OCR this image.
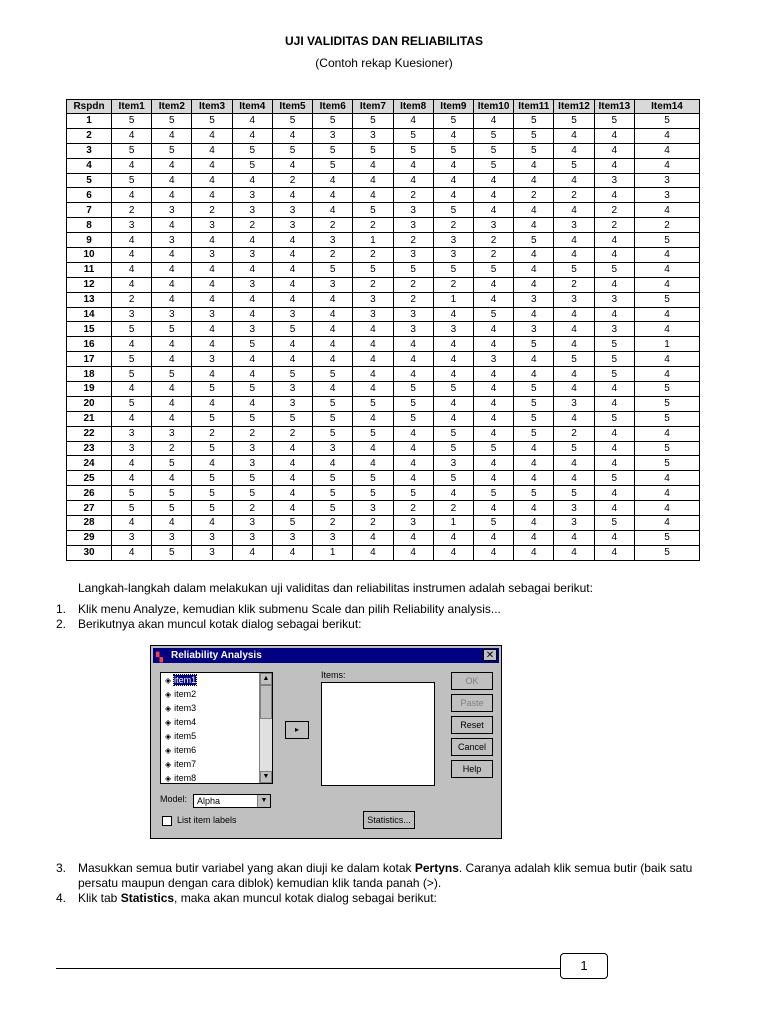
UJI VALIDITAS DAN RELIABILITAS
(Contoh rekap Kuesioner)
Rspdn	Item1	Item2	Item3	Item4	Item5	Item6	Item7	Item8	Item9	Item10	Item11	Item12	Item13	Item14
1	5	5	5	4	5	5	5	4	5	4	5	5	5	5
2	4	4	4	4	4	3	3	5	4	5	5	4	4	4
3	5	5	4	5	5	5	5	5	5	5	5	4	4	4
4	4	4	4	5	4	5	4	4	4	5	4	5	4	4
5	5	4	4	4	2	4	4	4	4	4	4	4	3	3
6	4	4	4	3	4	4	4	2	4	4	2	2	4	3
7	2	3	2	3	3	4	5	3	5	4	4	4	2	4
8	3	4	3	2	3	2	2	3	2	3	4	3	2	2
9	4	3	4	4	4	3	1	2	3	2	5	4	4	5
10	4	4	3	3	4	2	2	3	3	2	4	4	4	4
11	4	4	4	4	4	5	5	5	5	5	4	5	5	4
12	4	4	4	3	4	3	2	2	2	4	4	2	4	4
13	2	4	4	4	4	4	3	2	1	4	3	3	3	5
14	3	3	3	4	3	4	3	3	4	5	4	4	4	4
15	5	5	4	3	5	4	4	3	3	4	3	4	3	4
16	4	4	4	5	4	4	4	4	4	4	5	4	5	1
17	5	4	3	4	4	4	4	4	4	3	4	5	5	4
18	5	5	4	4	5	5	4	4	4	4	4	4	5	4
19	4	4	5	5	3	4	4	5	5	4	5	4	4	5
20	5	4	4	4	3	5	5	5	4	4	5	3	4	5
21	4	4	5	5	5	5	4	5	4	4	5	4	5	5
22	3	3	2	2	2	5	5	4	5	4	5	2	4	4
23	3	2	5	3	4	3	4	4	5	5	4	5	4	5
24	4	5	4	3	4	4	4	4	3	4	4	4	4	5
25	4	4	5	5	4	5	5	4	5	4	4	4	5	4
26	5	5	5	5	4	5	5	5	4	5	5	5	4	4
27	5	5	5	2	4	5	3	2	2	4	4	3	4	4
28	4	4	4	3	5	2	2	3	1	5	4	3	5	4
29	3	3	3	3	3	3	4	4	4	4	4	4	4	5
30	4	5	3	4	4	1	4	4	4	4	4	4	4	5
Langkah-langkah dalam melakukan uji validitas dan reliabilitas instrumen adalah sebagai berikut:
1. Klik menu Analyze, kemudian klik submenu Scale dan pilih Reliability analysis...
2. Berikutnya akan muncul kotak dialog sebagai berikut:
▚ Reliability Analysis	✕
◈ item1
◈ item2
◈ item3
◈ item4
◈ item5
◈ item6
◈ item7
◈ item8
▲
▼
▸
Items:
OK
Paste
Reset
Cancel
Help
Model:	Alpha	▼
List item labels	Statistics...
3. Masukkan semua butir variabel yang akan diuji ke dalam kotak Pertyns. Caranya adalah klik semua butir (baik satu persatu maupun dengan cara diblok) kemudian klik tanda panah (>).
4. Klik tab Statistics, maka akan muncul kotak dialog sebagai berikut:
1
